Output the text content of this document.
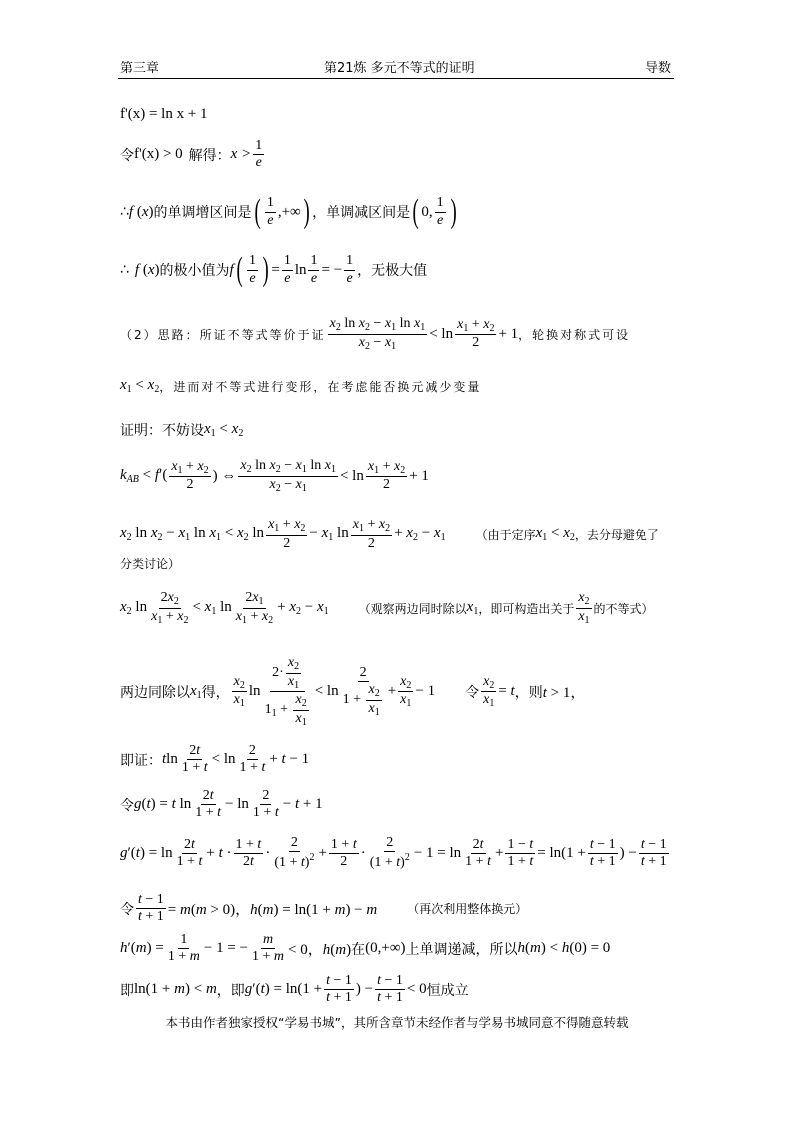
第三章	第21炼 多元不等式的证明	导数
f'(x) = ln x + 1
令 f'(x) > 0 解得： $x > \frac{1}{e}$
∴ f (x) 的单调增区间是 ( $\frac{1}{e}$ ,+∞ ) ，单调减区间是 ( 0, $\frac{1}{e}$ )
∴ f (x) 的极小值为 f ( $\frac{1}{e}$ ) = $\frac{1}{e}$ $\ln \frac{1}{e}$ = − $\frac{1}{e}$ ，无极大值
（2）思路：所证不等式等价于证 $\frac{x_2 \ln x_2 - x_1 \ln x_1}{x_2 - x_1} < \ln \frac{x_1 + x_2}{2} + 1$ ，轮换对称式可设
$x_1 < x_2$ ，进而对不等式进行变形，在考虑能否换元减少变量
证明：不妨设 $x_1 < x_2$
$k_{AB} < f'( \frac{x_1 + x_2}{2}$ ) ⇔ $\frac{x_2 \ln x_2 - x_1 \ln x_1}{x_2 - x_1} < \ln \frac{x_1 + x_2}{2} + 1$
$x_2$ $\ln x_2 - x_1$ $\ln x_1 < x_2$ $\ln \frac{x_1 + x_2}{2} - x_1$ $\ln \frac{x_1 + x_2}{2} + x_2 - x_1$	（由于定序 $x_1 < x_2$ ，去分母避免了
分类讨论）
$x_2$ $\ln \frac{2x_2}{x_1 + x_2} < x_1$ $\ln \frac{2x_1}{x_1 + x_2} + x_2 - x_1$	（观察两边同时除以 $x_1$ ，即可构造出关于 $\frac{x_2}{x_1}$ 的不等式）
两边同除以 $x_1$ 得， $\frac{x_2}{x_1}$ $\ln \frac{2\cdot \frac{x_2}{x_1}}{1_1 + \frac{x_2}{x_1}} < \ln \frac{2}{1 + \frac{x_2}{x_1}} + \frac{x_2}{x_1} - 1$ 令 $\frac{x_2}{x_1} = t$ ，则 t > 1，
即证： t $\ln \frac{2t}{1 + t} < \ln \frac{2}{1 + t} + t - 1$
令 g(t) = t $\ln \frac{2t}{1 + t} - \ln \frac{2}{1 + t} - t + 1$
$g'(t) = \ln \frac{2t}{1 + t} + t \cdot \frac{1 + t}{2t} \cdot \frac{2}{(1 + t)^2} + \frac{1 + t}{2} \cdot \frac{2}{(1 + t)^2} - 1 = \ln \frac{2t}{1 + t} + \frac{1 - t}{1 + t} = \ln(1 + \frac{t - 1}{t + 1}$ ) − $\frac{t - 1}{t + 1}$
令 $\frac{t - 1}{t + 1} = m(m > 0)$，h(m) = ln(1 + m) − m	（再次利用整体换元）
$h'(m) = \frac{1}{1 + m} - 1$ = − $\frac{m}{1 + m} < 0$，h(m) 在 (0,+∞) 上单调递减，所以 h(m) < h(0) = 0
即 ln(1 + m) < m ，即 $g'(t) = \ln(1 + \frac{t - 1}{t + 1}$ ) − $\frac{t - 1}{t + 1} < 0$ 恒成立
本书由作者独家授权“学易书城”，其所含章节未经作者与学易书城同意不得随意转载
